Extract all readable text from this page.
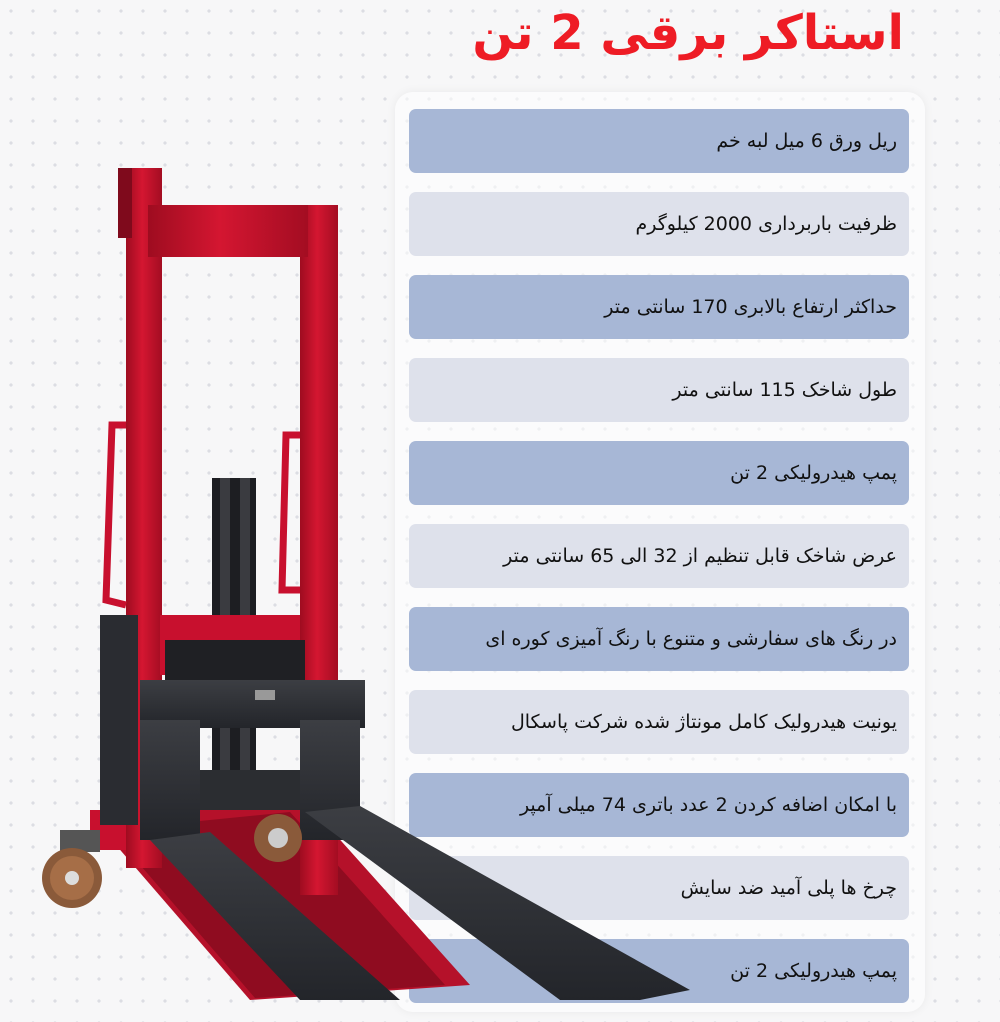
استاکر برقی 2 تن
ریل ورق 6 میل لبه خم
ظرفیت باربرداری 2000 کیلوگرم
حداکثر ارتفاع بالابری 170 سانتی متر
طول شاخک 115 سانتی متر
پمپ هیدرولیکی 2 تن
عرض شاخک قابل تنظیم از 32 الی 65 سانتی متر
در رنگ های سفارشی و متنوع با رنگ آمیزی کوره ای
یونیت هیدرولیک کامل مونتاژ شده شرکت پاسکال
با امکان اضافه کردن 2 عدد باتری 74 میلی آمپر
چرخ ها پلی آمید ضد سایش
پمپ هیدرولیکی 2 تن
